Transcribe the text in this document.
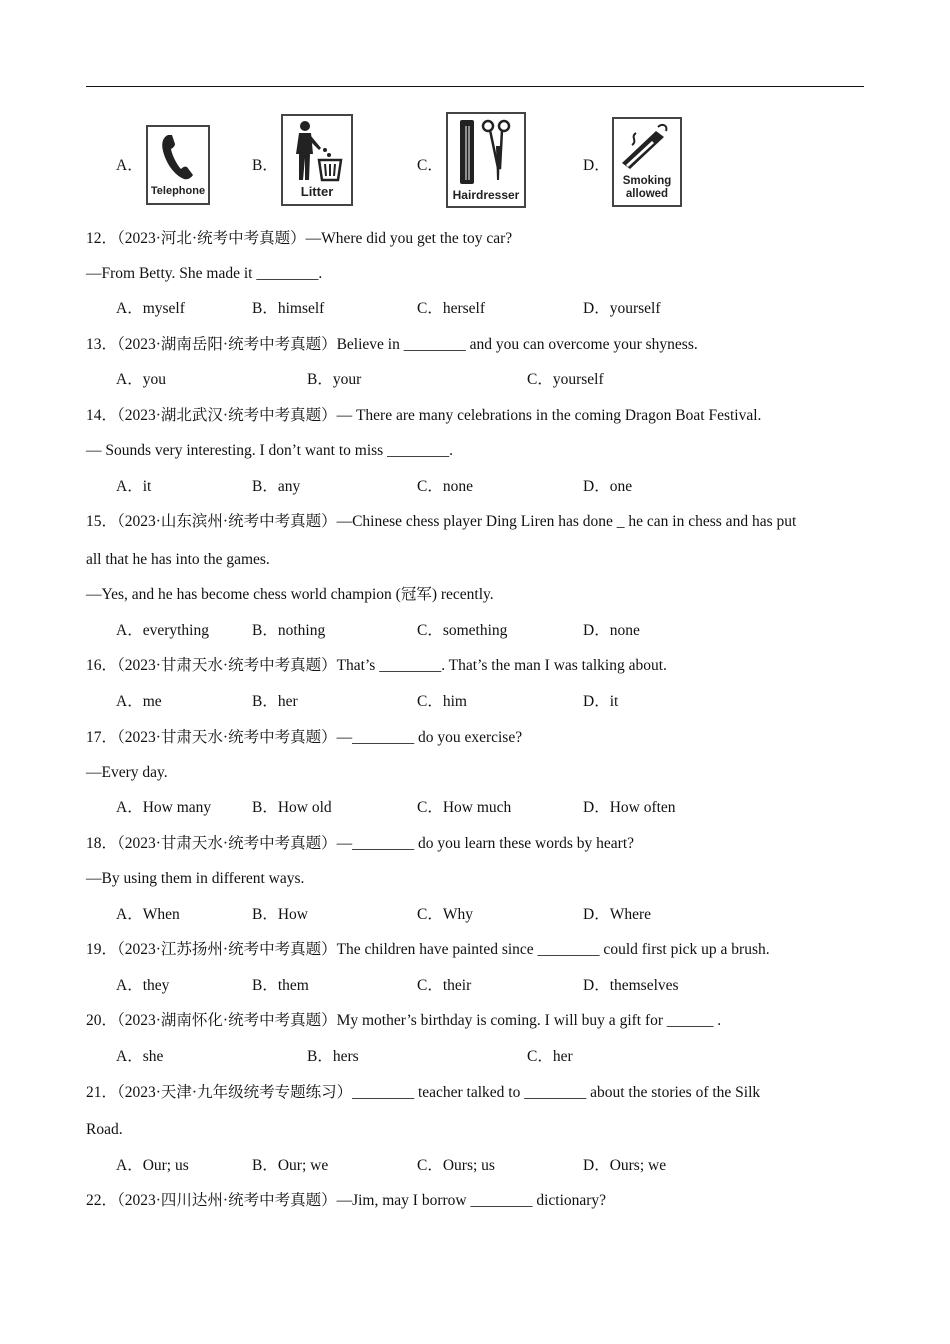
A．
Telephone
B．
Litter
C．
Hairdresser
D．
Smoking
allowed
12．（2023·河北·统考中考真题）—Where did you get the toy car?
—From Betty. She made it ________.
A．myself	B．himself	C．herself	D．yourself
13．（2023·湖南岳阳·统考中考真题）Believe in ________ and you can overcome your shyness.
A．you	B．your	C．yourself
14．（2023·湖北武汉·统考中考真题）— There are many celebrations in the coming Dragon Boat Festival.
— Sounds very interesting. I don’t want to miss ________.
A．it	B．any	C．none	D．one
15．（2023·山东滨州·统考中考真题）—Chinese chess player Ding Liren has done _ he can in chess and has put
all that he has into the games.
—Yes, and he has become chess world champion (冠军) recently.
A．everything	B．nothing	C．something	D．none
16．（2023·甘肃天水·统考中考真题）That’s ________. That’s the man I was talking about.
A．me	B．her	C．him	D．it
17．（2023·甘肃天水·统考中考真题）—________ do you exercise?
—Every day.
A．How many	B．How old	C．How much	D．How often
18．（2023·甘肃天水·统考中考真题）—________ do you learn these words by heart?
—By using them in different ways.
A．When	B．How	C．Why	D．Where
19．（2023·江苏扬州·统考中考真题）The children have painted since ________ could first pick up a brush.
A．they	B．them	C．their	D．themselves
20．（2023·湖南怀化·统考中考真题）My mother’s birthday is coming. I will buy a gift for ______ .
A．she	B．hers	C．her
21．（2023·天津·九年级统考专题练习）________ teacher talked to ________ about the stories of the Silk
Road.
A．Our; us	B．Our; we	C．Ours; us	D．Ours; we
22．（2023·四川达州·统考中考真题）—Jim, may I borrow ________ dictionary?
